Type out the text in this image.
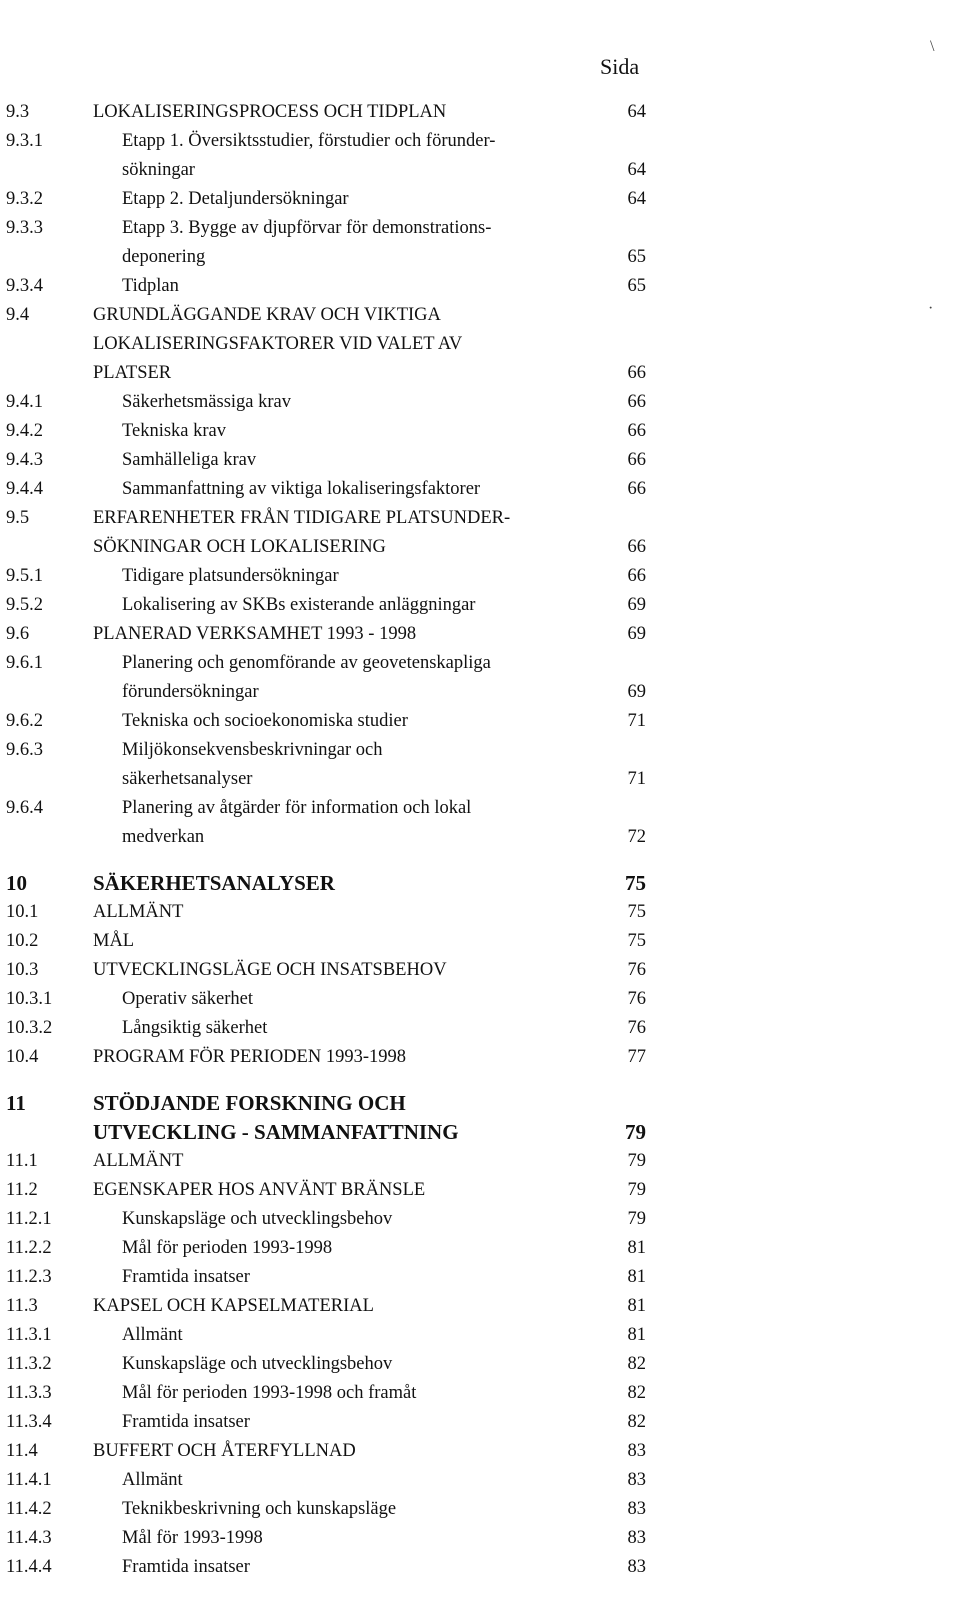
\
·
Sida
9.3	LOKALISERINGSPROCESS OCH TIDPLAN	64
9.3.1	Etapp 1. Översiktsstudier, förstudier och förunder-
sökningar	64
9.3.2	Etapp 2. Detaljundersökningar	64
9.3.3	Etapp 3. Bygge av djupförvar för demonstrations-
deponering	65
9.3.4	Tidplan	65
9.4	GRUNDLÄGGANDE KRAV OCH VIKTIGA
LOKALISERINGSFAKTORER VID VALET AV
PLATSER	66
9.4.1	Säkerhetsmässiga krav	66
9.4.2	Tekniska krav	66
9.4.3	Samhälleliga krav	66
9.4.4	Sammanfattning av viktiga lokaliseringsfaktorer	66
9.5	ERFARENHETER FRÅN TIDIGARE PLATSUNDER-
SÖKNINGAR OCH LOKALISERING	66
9.5.1	Tidigare platsundersökningar	66
9.5.2	Lokalisering av SKBs existerande anläggningar	69
9.6	PLANERAD VERKSAMHET 1993 - 1998	69
9.6.1	Planering och genomförande av geovetenskapliga
förundersökningar	69
9.6.2	Tekniska och socioekonomiska studier	71
9.6.3	Miljökonsekvensbeskrivningar och
säkerhetsanalyser	71
9.6.4	Planering av åtgärder för information och lokal
medverkan	72
10	SÄKERHETSANALYSER	75
10.1	ALLMÄNT	75
10.2	MÅL	75
10.3	UTVECKLINGSLÄGE OCH INSATSBEHOV	76
10.3.1	Operativ säkerhet	76
10.3.2	Långsiktig säkerhet	76
10.4	PROGRAM FÖR PERIODEN 1993-1998	77
11	STÖDJANDE FORSKNING OCH
UTVECKLING - SAMMANFATTNING	79
11.1	ALLMÄNT	79
11.2	EGENSKAPER HOS ANVÄNT BRÄNSLE	79
11.2.1	Kunskapsläge och utvecklingsbehov	79
11.2.2	Mål för perioden 1993-1998	81
11.2.3	Framtida insatser	81
11.3	KAPSEL OCH KAPSELMATERIAL	81
11.3.1	Allmänt	81
11.3.2	Kunskapsläge och utvecklingsbehov	82
11.3.3	Mål för perioden 1993-1998 och framåt	82
11.3.4	Framtida insatser	82
11.4	BUFFERT OCH ÅTERFYLLNAD	83
11.4.1	Allmänt	83
11.4.2	Teknikbeskrivning och kunskapsläge	83
11.4.3	Mål för 1993-1998	83
11.4.4	Framtida insatser	83
